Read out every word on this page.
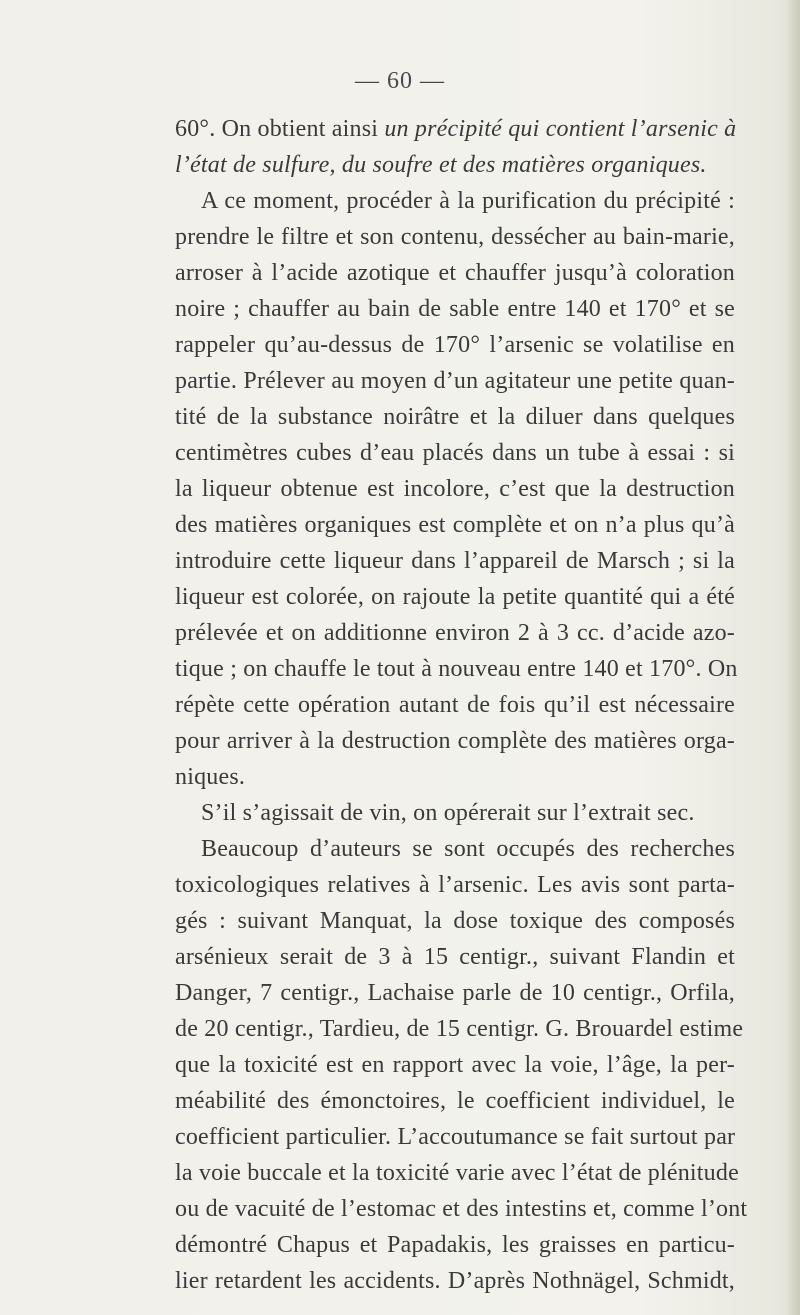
— 60 —
60°. On obtient ainsi un précipité qui contient l’arsenic à
l’état de sulfure, du soufre et des matières organiques.
A ce moment, procéder à la purification du précipité :
prendre le filtre et son contenu, dessécher au bain-marie,
arroser à l’acide azotique et chauffer jusqu’à coloration
noire ; chauffer au bain de sable entre 140 et 170° et se
rappeler qu’au-dessus de 170° l’arsenic se volatilise en
partie. Prélever au moyen d’un agitateur une petite quan-
tité de la substance noirâtre et la diluer dans quelques
centimètres cubes d’eau placés dans un tube à essai : si
la liqueur obtenue est incolore, c’est que la destruction
des matières organiques est complète et on n’a plus qu’à
introduire cette liqueur dans l’appareil de Marsch ; si la
liqueur est colorée, on rajoute la petite quantité qui a été
prélevée et on additionne environ 2 à 3 cc. d’acide azo-
tique ; on chauffe le tout à nouveau entre 140 et 170°. On
répète cette opération autant de fois qu’il est nécessaire
pour arriver à la destruction complète des matières orga-
niques.
S’il s’agissait de vin, on opérerait sur l’extrait sec.
Beaucoup d’auteurs se sont occupés des recherches
toxicologiques relatives à l’arsenic. Les avis sont parta-
gés : suivant Manquat, la dose toxique des composés
arsénieux serait de 3 à 15 centigr., suivant Flandin et
Danger, 7 centigr., Lachaise parle de 10 centigr., Orfila,
de 20 centigr., Tardieu, de 15 centigr. G. Brouardel estime
que la toxicité est en rapport avec la voie, l’âge, la per-
méabilité des émonctoires, le coefficient individuel, le
coefficient particulier. L’accoutumance se fait surtout par
la voie buccale et la toxicité varie avec l’état de plénitude
ou de vacuité de l’estomac et des intestins et, comme l’ont
démontré Chapus et Papadakis, les graisses en particu-
lier retardent les accidents. D’après Nothnägel, Schmidt,
